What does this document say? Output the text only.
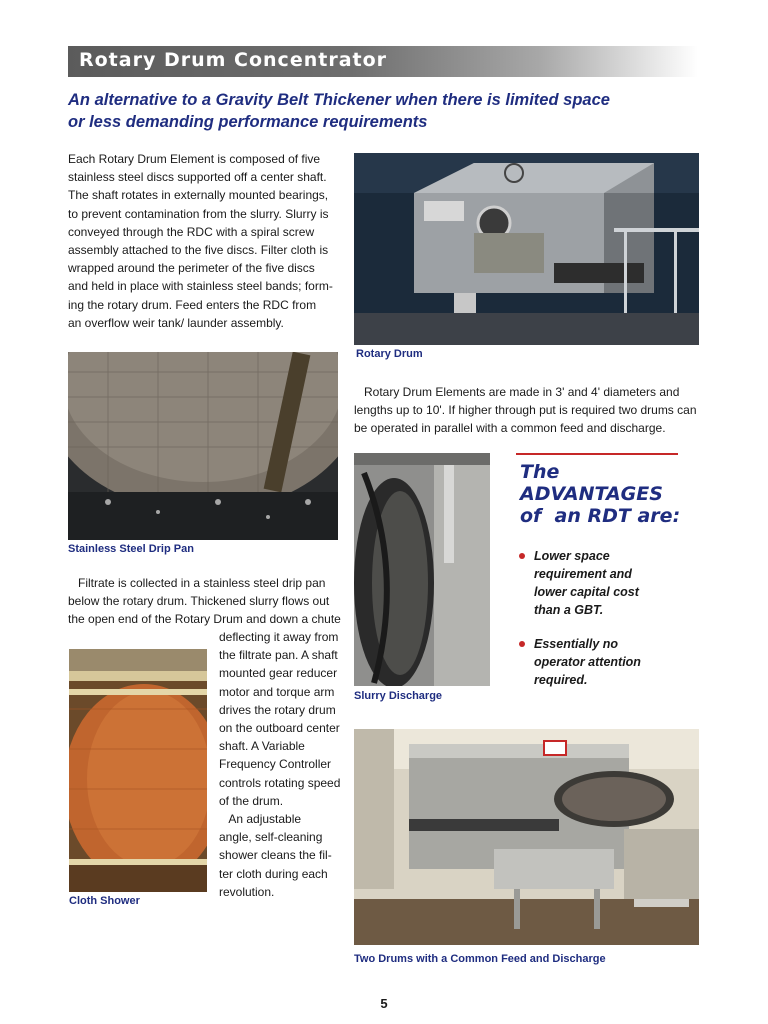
Rotary Drum Concentrator
An alternative to a Gravity Belt Thickener when there is limited space
or less demanding performance requirements
Each Rotary Drum Element is composed of five
stainless steel discs supported off a center shaft.
The shaft rotates in externally mounted bearings,
to prevent contamination from the slurry. Slurry is
conveyed through the RDC with a spiral screw
assembly attached to the five discs. Filter cloth is
wrapped around the perimeter of the five discs
and held in place with stainless steel bands; form-
ing the rotary drum. Feed enters the RDC from
an overflow weir tank/ launder assembly.
Rotary Drum
Stainless Steel Drip Pan
Rotary Drum Elements are made in 3' and 4' diameters and
lengths up to 10'. If higher through put is required two drums can
be operated in parallel with a common feed and discharge.
Slurry Discharge
The
ADVANTAGES
of  an RDT are:
Lower space
requirement and
lower capital cost
than a GBT.
Essentially no
operator attention
required.
Filtrate is collected in a stainless steel drip pan
below the rotary drum. Thickened slurry flows out
the open end of the Rotary Drum and down a chute
Cloth Shower
deflecting it away from
the filtrate pan. A shaft
mounted gear reducer
motor and torque arm
drives the rotary drum
on the outboard center
shaft. A Variable
Frequency Controller
controls rotating speed
of the drum.
An adjustable
angle, self-cleaning
shower cleans the fil-
ter cloth during each
revolution.
Two Drums with a Common Feed and Discharge
5
